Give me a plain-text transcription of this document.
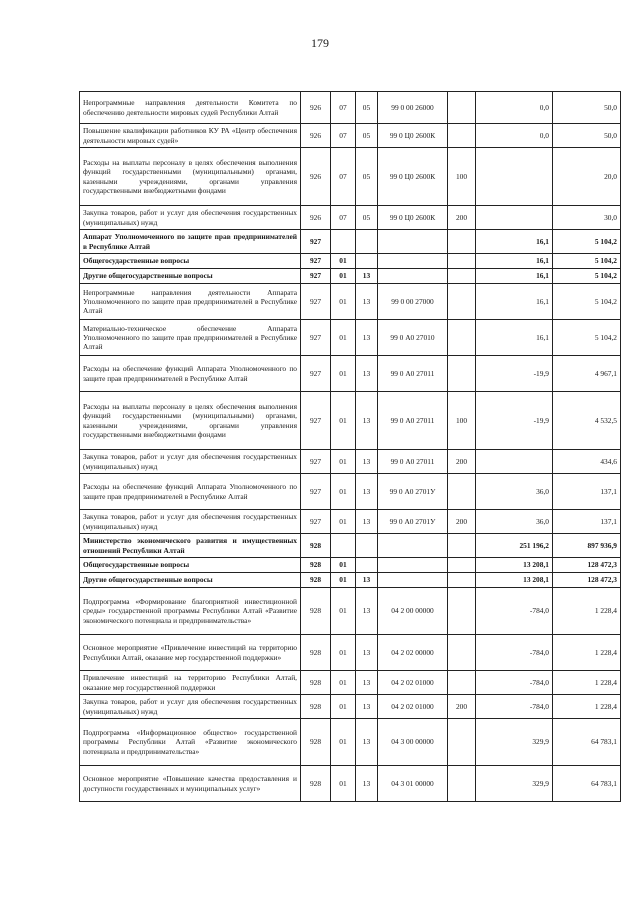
179
Непрограммные направления деятельности Комитета по обеспечению деятельности мировых судей Республики Алтай	926	07	05	99 0 00 26000		0,0	50,0
Повышение квалификации работников КУ РА «Центр обеспечения деятельности мировых судей»	926	07	05	99 0 Ц0 2600К		0,0	50,0
Расходы на выплаты персоналу в целях обеспечения выполнения функций государственными (муниципальными) органами, казенными учреждениями, органами управления государственными внебюджетными фондами	926	07	05	99 0 Ц0 2600К	100		20,0
Закупка товаров, работ и услуг для обеспечения государственных (муниципальных) нужд	926	07	05	99 0 Ц0 2600К	200		30,0
Аппарат Уполномоченного по защите прав предпринимателей в Республике Алтай	927					16,1	5 104,2
Общегосударственные вопросы	927	01				16,1	5 104,2
Другие общегосударственные вопросы	927	01	13			16,1	5 104,2
Непрограммные направления деятельности Аппарата Уполномоченного по защите прав предпринимателей в Республике Алтай	927	01	13	99 0 00 27000		16,1	5 104,2
Материально-техническое обеспечение Аппарата Уполномоченного по защите прав предпринимателей в Республике Алтай	927	01	13	99 0 А0 27010		16,1	5 104,2
Расходы на обеспечение функций Аппарата Уполномоченного по защите прав предпринимателей в Республике Алтай	927	01	13	99 0 А0 27011		-19,9	4 967,1
Расходы на выплаты персоналу в целях обеспечения выполнения функций государственными (муниципальными) органами, казенными учреждениями, органами управления государственными внебюджетными фондами	927	01	13	99 0 А0 27011	100	-19,9	4 532,5
Закупка товаров, работ и услуг для обеспечения государственных (муниципальных) нужд	927	01	13	99 0 А0 27011	200		434,6
Расходы на обеспечение функций Аппарата Уполномоченного по защите прав предпринимателей в Республике Алтай	927	01	13	99 0 А0 2701У		36,0	137,1
Закупка товаров, работ и услуг для обеспечения государственных (муниципальных) нужд	927	01	13	99 0 А0 2701У	200	36,0	137,1
Министерство экономического развития и имущественных отношений Республики Алтай	928					251 196,2	897 936,9
Общегосударственные вопросы	928	01				13 208,1	128 472,3
Другие общегосударственные вопросы	928	01	13			13 208,1	128 472,3
Подпрограмма «Формирование благоприятной инвестиционной среды» государственной программы Республики Алтай «Развитие экономического потенциала и предпринимательства»	928	01	13	04 2 00 00000		-784,0	1 228,4
Основное мероприятие «Привлечение инвестиций на территорию Республики Алтай, оказание мер государственной поддержки»	928	01	13	04 2 02 00000		-784,0	1 228,4
Привлечение инвестиций на территорию Республики Алтай, оказание мер государственной поддержки	928	01	13	04 2 02 01000		-784,0	1 228,4
Закупка товаров, работ и услуг для обеспечения государственных (муниципальных) нужд	928	01	13	04 2 02 01000	200	-784,0	1 228,4
Подпрограмма «Информационное общество» государственной программы Республики Алтай «Развитие экономического потенциала и предпринимательства»	928	01	13	04 3 00 00000		329,9	64 783,1
Основное мероприятие «Повышение качества предоставления и доступности государственных и муниципальных услуг»	928	01	13	04 3 01 00000		329,9	64 783,1
